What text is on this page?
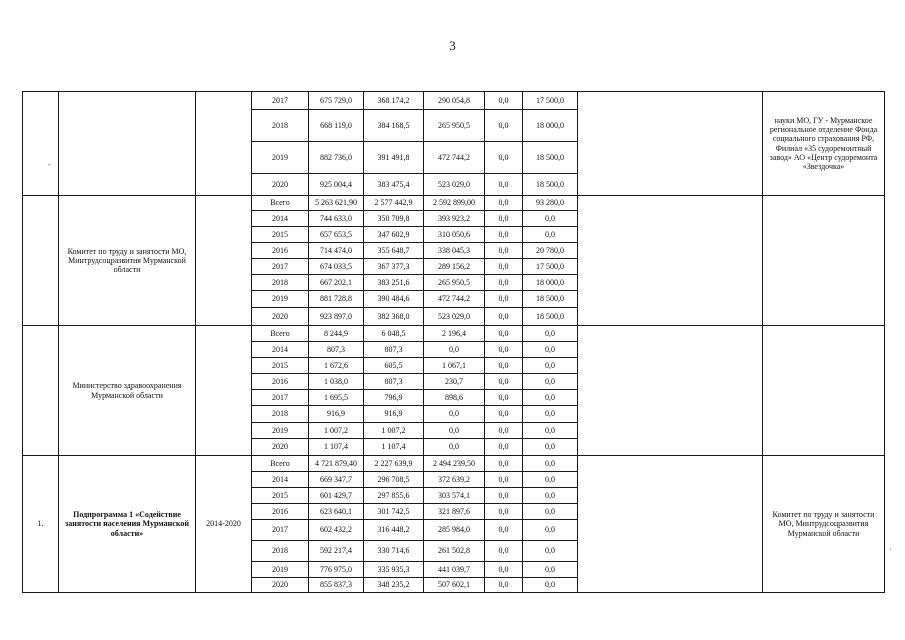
3
-
·
			2017	675 729,0	368 174,2	290 054,8	0,0	17 500,0		науки МО, ГУ - Мурманское региональное отделение Фонда социального страхования РФ, Филиал «35 судоремонтный завод» АО «Центр судоремонта «Звездочка»
			2018	668 119,0	384 168,5	265 950,5	0,0	18 000,0		
			2019	882 736,0	391 491,8	472 744,2	0,0	18 500,0		
			2020	925 004,4	383 475,4	523 029,0	0,0	18 500,0		
	Комитет по труду и занятости МО, Минтрудсоцразвития Мурманской области		Всего	5 263 621,90	2 577 442,9	2 592 899,00	0,0	93 280,0		
			2014	744 633,0	350 709,8	393 923,2	0,0	0,0		
			2015	657 653,5	347 602,9	310 050,6	0,0	0,0		
			2016	714 474,0	355 648,7	338 045,3	0,0	20 780,0		
			2017	674 033,5	367 377,3	289 156,2	0,0	17 500,0		
			2018	667 202,1	383 251,6	265 950,5	0,0	18 000,0		
			2019	881 728,8	390 484,6	472 744,2	0,0	18 500,0		
			2020	923 897,0	382 368,0	523 029,0	0,0	18 500,0		
	Министерство здравоохранения Мурманской области		Всего	8 244,9	6 048,5	2 196,4	0,0	0,0		
			2014	807,3	807,3	0,0	0,0	0,0		
			2015	1 672,6	605,5	1 067,1	0,0	0,0		
			2016	1 038,0	807,3	230,7	0,0	0,0		
			2017	1 695,5	796,9	898,6	0,0	0,0		
			2018	916,9	916,9	0,0	0,0	0,0		
			2019	1 007,2	1 007,2	0,0	0,0	0,0		
			2020	1 107,4	1 107,4	0,0	0,0	0,0		
1.	Подпрограмма 1 «Содействие занятости населения Мурманской области»	2014-2020	Всего	4 721 879,40	2 227 639,9	2 494 239,50	0,0	0,0		Комитет по труду и занятости МО, Минтрудсоцразвития Мурманской области
			2014	669 347,7	296 708,5	372 639,2	0,0	0,0		
			2015	601 429,7	297 855,6	303 574,1	0,0	0,0		
			2016	623 640,1	301 742,5	321 897,6	0,0	0,0		
			2017	602 432,2	316 448,2	285 984,0	0,0	0,0		
			2018	592 217,4	330 714,6	261 502,8	0,0	0,0		
			2019	776 975,0	335 935,3	441 039,7	0,0	0,0		
			2020	855 837,3	348 235,2	507 602,1	0,0	0,0		
